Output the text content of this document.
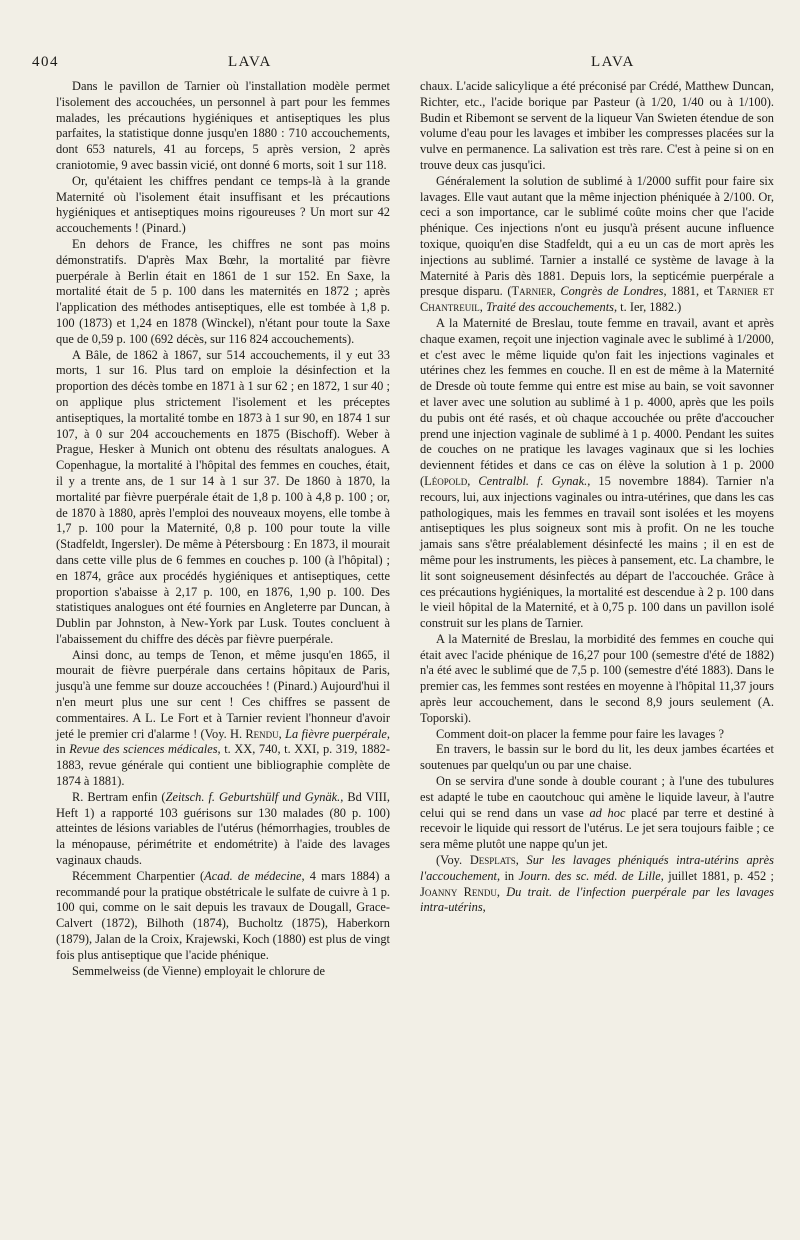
404	LAVA	LAVA

Dans le pavillon de Tarnier où l'installation modèle permet l'isolement des accouchées, un personnel à part pour les femmes malades, les précautions hygiéniques et antiseptiques les plus parfaites, la statistique donne jusqu'en 1880 : 710 accouchements, dont 653 naturels, 41 au forceps, 5 après version, 2 après craniotomie, 9 avec bassin vicié, ont donné 6 morts, soit 1 sur 118.

Or, qu'étaient les chiffres pendant ce temps-là à la grande Maternité où l'isolement était insuffisant et les précautions hygiéniques et antiseptiques moins rigoureuses ? Un mort sur 42 accouchements ! (Pinard.)

En dehors de France, les chiffres ne sont pas moins démonstratifs. D'après Max Bœhr, la mortalité par fièvre puerpérale à Berlin était en 1861 de 1 sur 152. En Saxe, la mortalité était de 5 p. 100 dans les maternités en 1872 ; après l'application des méthodes antiseptiques, elle est tombée à 1,8 p. 100 (1873) et 1,24 en 1878 (Winckel), n'étant pour toute la Saxe que de 0,59 p. 100 (692 décès, sur 116 824 accouchements).

A Bâle, de 1862 à 1867, sur 514 accouchements, il y eut 33 morts, 1 sur 16. Plus tard on emploie la désinfection et la proportion des décès tombe en 1871 à 1 sur 62 ; en 1872, 1 sur 40 ; on applique plus strictement l'isolement et les préceptes antiseptiques, la mortalité tombe en 1873 à 1 sur 90, en 1874 1 sur 107, à 0 sur 204 accouchements en 1875 (Bischoff). Weber à Prague, Hesker à Munich ont obtenu des résultats analogues. A Copenhague, la mortalité à l'hôpital des femmes en couches, était, il y a trente ans, de 1 sur 14 à 1 sur 37. De 1860 à 1870, la mortalité par fièvre puerpérale était de 1,8 p. 100 à 4,8 p. 100 ; or, de 1870 à 1880, après l'emploi des nouveaux moyens, elle tombe à 1,7 p. 100 pour la Maternité, 0,8 p. 100 pour toute la ville (Stadfeldt, Ingersler). De même à Pétersbourg : En 1873, il mourait dans cette ville plus de 6 femmes en couches p. 100 (à l'hôpital) ; en 1874, grâce aux procédés hygiéniques et antiseptiques, cette proportion s'abaisse à 2,17 p. 100, en 1876, 1,90 p. 100. Des statistiques analogues ont été fournies en Angleterre par Duncan, à Dublin par Johnston, à New-York par Lusk. Toutes concluent à l'abaissement du chiffre des décès par fièvre puerpérale.

Ainsi donc, au temps de Tenon, et même jusqu'en 1865, il mourait de fièvre puerpérale dans certains hôpitaux de Paris, jusqu'à une femme sur douze accouchées ! (Pinard.) Aujourd'hui il n'en meurt plus une sur cent ! Ces chiffres se passent de commentaires. A L. Le Fort et à Tarnier revient l'honneur d'avoir jeté le premier cri d'alarme ! (Voy. H. Rendu, La fièvre puerpérale, in Revue des sciences médicales, t. XX, 740, t. XXI, p. 319, 1882-1883, revue générale qui contient une bibliographie complète de 1874 à 1881).

R. Bertram enfin (Zeitsch. f. Geburtshülf und Gynäk., Bd VIII, Heft 1) a rapporté 103 guérisons sur 130 malades (80 p. 100) atteintes de lésions variables de l'utérus (hémorrhagies, troubles de la ménopause, périmétrite et endométrite) à l'aide des lavages vaginaux chauds.

Récemment Charpentier (Acad. de médecine, 4 mars 1884) a recommandé pour la pratique obstétricale le sulfate de cuivre à 1 p. 100 qui, comme on le sait depuis les travaux de Dougall, Grace-Calvert (1872), Bilhoth (1874), Bucholtz (1875), Haberkorn (1879), Jalan de la Croix, Krajewski, Koch (1880) est plus de vingt fois plus antiseptique que l'acide phénique.

Semmelweiss (de Vienne) employait le chlorure de

chaux. L'acide salicylique a été préconisé par Crédé, Matthew Duncan, Richter, etc., l'acide borique par Pasteur (à 1/20, 1/40 ou à 1/100). Budin et Ribemont se servent de la liqueur Van Swieten étendue de son volume d'eau pour les lavages et imbiber les compresses placées sur la vulve en permanence. La salivation est très rare. C'est à peine si on en trouve deux cas jusqu'ici.

Généralement la solution de sublimé à 1/2000 suffit pour faire six lavages. Elle vaut autant que la même injection phéniquée à 2/100. Or, ceci a son importance, car le sublimé coûte moins cher que l'acide phénique. Ces injections n'ont eu jusqu'à présent aucune influence toxique, quoiqu'en dise Stadfeldt, qui a eu un cas de mort après les injections au sublimé. Tarnier a installé ce système de lavage à la Maternité à Paris dès 1881. Depuis lors, la septicémie puerpérale a presque disparu. (Tarnier, Congrès de Londres, 1881, et Tarnier et Chantreuil, Traité des accouchements, t. Ier, 1882.)

A la Maternité de Breslau, toute femme en travail, avant et après chaque examen, reçoit une injection vaginale avec le sublimé à 1/2000, et c'est avec le même liquide qu'on fait les injections vaginales et utérines chez les femmes en couche. Il en est de même à la Maternité de Dresde où toute femme qui entre est mise au bain, se voit savonner et laver avec une solution au sublimé à 1 p. 4000, après que les poils du pubis ont été rasés, et où chaque accouchée ou prête d'accoucher prend une injection vaginale de sublimé à 1 p. 4000. Pendant les suites de couches on ne pratique les lavages vaginaux que si les lochies deviennent fétides et dans ce cas on élève la solution à 1 p. 2000 (Léopold, Centralbl. f. Gynak., 15 novembre 1884). Tarnier n'a recours, lui, aux injections vaginales ou intra-utérines, que dans les cas pathologiques, mais les femmes en travail sont isolées et les moyens antiseptiques les plus soigneux sont mis à profit. On ne les touche jamais sans s'être préalablement désinfecté les mains ; il en est de même pour les instruments, les pièces à pansement, etc. La chambre, le lit sont soigneusement désinfectés au départ de l'accouchée. Grâce à ces précautions hygiéniques, la mortalité est descendue à 2 p. 100 dans le vieil hôpital de la Maternité, et à 0,75 p. 100 dans un pavillon isolé construit sur les plans de Tarnier.

A la Maternité de Breslau, la morbidité des femmes en couche qui était avec l'acide phénique de 16,27 pour 100 (semestre d'été de 1882) n'a été avec le sublimé que de 7,5 p. 100 (semestre d'été 1883). Dans le premier cas, les femmes sont restées en moyenne à l'hôpital 11,37 jours après leur accouchement, dans le second 8,9 jours seulement (A. Toporski).

Comment doit-on placer la femme pour faire les lavages ?

En travers, le bassin sur le bord du lit, les deux jambes écartées et soutenues par quelqu'un ou par une chaise.

On se servira d'une sonde à double courant ; à l'une des tubulures est adapté le tube en caoutchouc qui amène le liquide laveur, à l'autre celui qui se rend dans un vase ad hoc placé par terre et destiné à recevoir le liquide qui ressort de l'utérus. Le jet sera toujours faible ; ce sera même plutôt une nappe qu'un jet.

(Voy. Desplats, Sur les lavages phéniqués intra-utérins après l'accouchement, in Journ. des sc. méd. de Lille, juillet 1881, p. 452 ; Joanny Rendu, Du trait. de l'infection puerpérale par les lavages intra-utérins,
